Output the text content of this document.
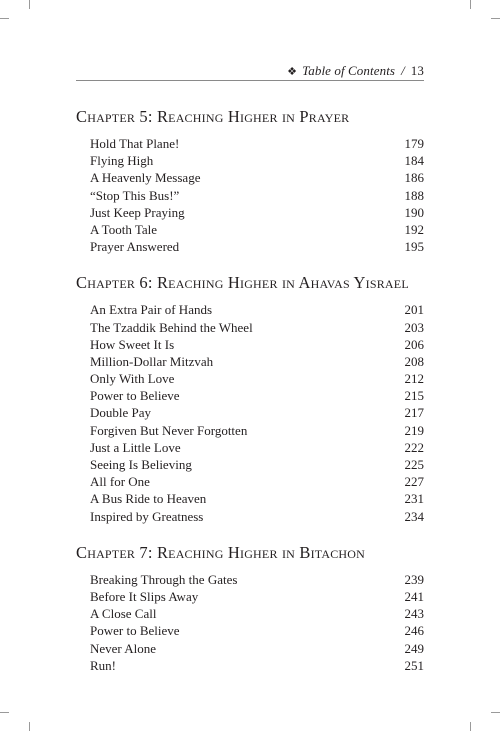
❖ Table of Contents / 13
Chapter 5: Reaching Higher in Prayer
Hold That Plane!	179
Flying High	184
A Heavenly Message	186
“Stop This Bus!”	188
Just Keep Praying	190
A Tooth Tale	192
Prayer Answered	195
Chapter 6: Reaching Higher in Ahavas Yisrael
An Extra Pair of Hands	201
The Tzaddik Behind the Wheel	203
How Sweet It Is	206
Million-Dollar Mitzvah	208
Only With Love	212
Power to Believe	215
Double Pay	217
Forgiven But Never Forgotten	219
Just a Little Love	222
Seeing Is Believing	225
All for One	227
A Bus Ride to Heaven	231
Inspired by Greatness	234
Chapter 7: Reaching Higher in Bitachon
Breaking Through the Gates	239
Before It Slips Away	241
A Close Call	243
Power to Believe	246
Never Alone	249
Run!	251
